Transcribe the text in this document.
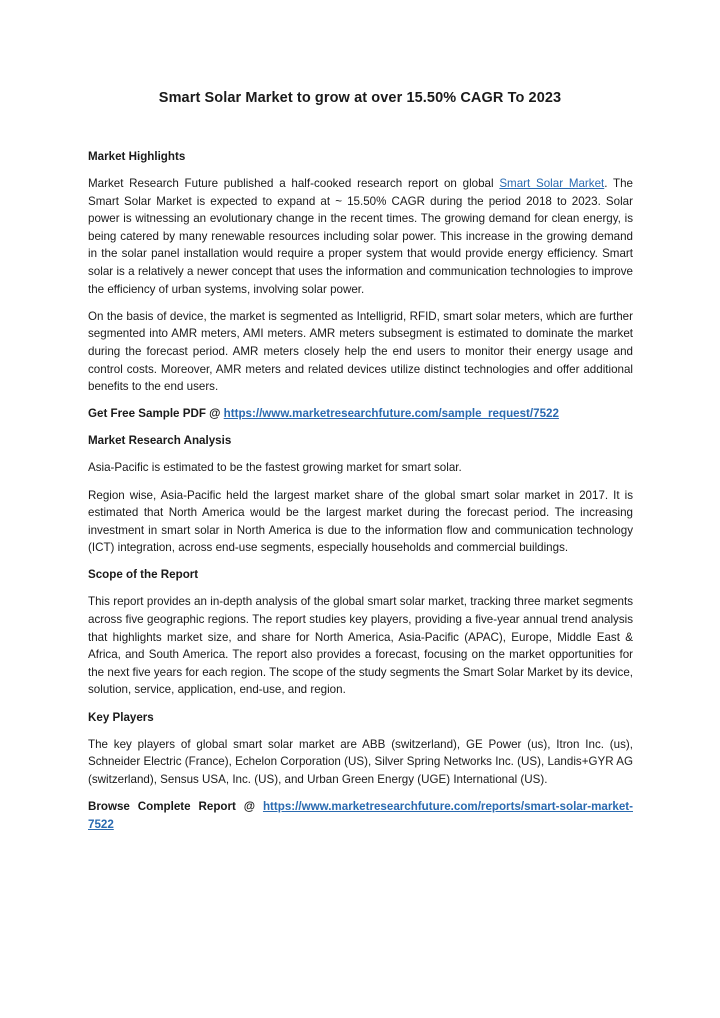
Smart Solar Market to grow at over 15.50% CAGR To 2023

Market Highlights

Market Research Future published a half-cooked research report on global Smart Solar Market. The Smart Solar Market is expected to expand at ~ 15.50% CAGR during the period 2018 to 2023. Solar power is witnessing an evolutionary change in the recent times. The growing demand for clean energy, is being catered by many renewable resources including solar power. This increase in the growing demand in the solar panel installation would require a proper system that would provide energy efficiency. Smart solar is a relatively a newer concept that uses the information and communication technologies to improve the efficiency of urban systems, involving solar power.

On the basis of device, the market is segmented as Intelligrid, RFID, smart solar meters, which are further segmented into AMR meters, AMI meters. AMR meters subsegment is estimated to dominate the market during the forecast period. AMR meters closely help the end users to monitor their energy usage and control costs. Moreover, AMR meters and related devices utilize distinct technologies and offer additional benefits to the end users.

Get Free Sample PDF @ https://www.marketresearchfuture.com/sample_request/7522

Market Research Analysis

Asia-Pacific is estimated to be the fastest growing market for smart solar.

Region wise, Asia-Pacific held the largest market share of the global smart solar market in 2017. It is estimated that North America would be the largest market during the forecast period. The increasing investment in smart solar in North America is due to the information flow and communication technology (ICT) integration, across end-use segments, especially households and commercial buildings.

Scope of the Report

This report provides an in-depth analysis of the global smart solar market, tracking three market segments across five geographic regions. The report studies key players, providing a five-year annual trend analysis that highlights market size, and share for North America, Asia-Pacific (APAC), Europe, Middle East & Africa, and South America. The report also provides a forecast, focusing on the market opportunities for the next five years for each region. The scope of the study segments the Smart Solar Market by its device, solution, service, application, end-use, and region.

Key Players

The key players of global smart solar market are ABB (switzerland), GE Power (us), Itron Inc. (us), Schneider Electric (France), Echelon Corporation (US), Silver Spring Networks Inc. (US), Landis+GYR AG (switzerland), Sensus USA, Inc. (US), and Urban Green Energy (UGE) International (US).

Browse Complete Report @ https://www.marketresearchfuture.com/reports/smart-solar-market-7522
